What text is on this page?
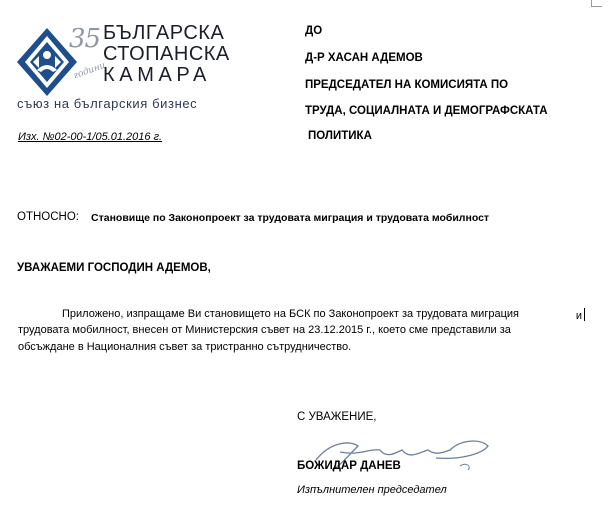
35
години
БЪЛГАРСКА
СТОПАНСКА
КАМАРА
съюз на българския бизнес
Изх. №02-00-1/05.01.2016 г.
ДО
Д-Р ХАСАН АДЕМОВ
ПРЕДСЕДАТЕЛ НА КОМИСИЯТА ПО
ТРУДА, СОЦИАЛНАТА И ДЕМОГРАФСКАТА
ПОЛИТИКА
ОТНОСНО: Становище по Законопроект за трудовата миграция и трудовата мобилност
УВАЖАЕМИ ГОСПОДИН АДЕМОВ,
Приложено, изпращаме Ви становището на БСК по Законопроект за трудовата миграция	и
трудовата мобилност, внесен от Министерския съвет на 23.12.2015 г., което сме представили за
обсъждане в Националния съвет за тристранно сътрудничество.
С УВАЖЕНИЕ,
БОЖИДАР ДАНЕВ
Изпълнителен председател
